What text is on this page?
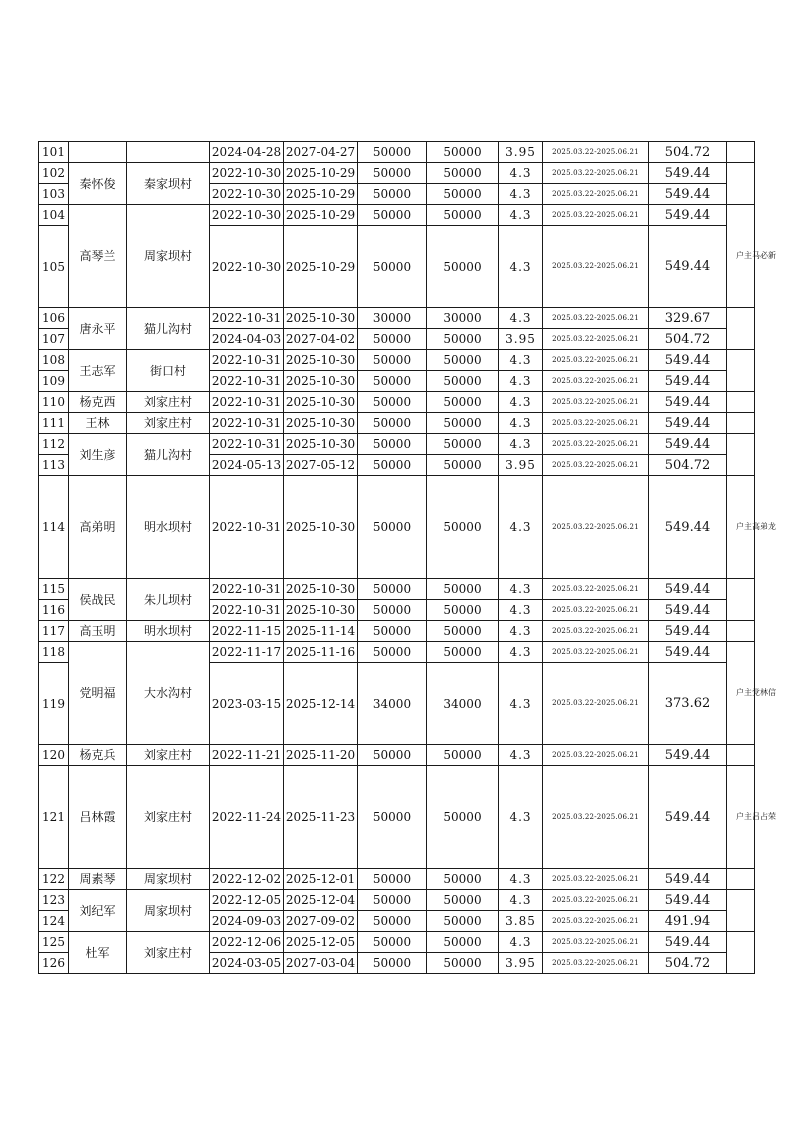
101			2024-04-28	2027-04-27	50000	50000	3.95	2025.03.22-2025.06.21	504.72	
102	秦怀俊	秦家坝村	2022-10-30	2025-10-29	50000	50000	4.3	2025.03.22-2025.06.21	549.44	
103			2022-10-30	2025-10-29	50000	50000	4.3	2025.03.22-2025.06.21	549.44	
104	高琴兰	周家坝村	2022-10-30	2025-10-29	50000	50000	4.3	2025.03.22-2025.06.21	549.44	户主马必新
105			2022-10-30	2025-10-29	50000	50000	4.3	2025.03.22-2025.06.21	549.44	
106	唐永平	猫儿沟村	2022-10-31	2025-10-30	30000	30000	4.3	2025.03.22-2025.06.21	329.67	
107			2024-04-03	2027-04-02	50000	50000	3.95	2025.03.22-2025.06.21	504.72	
108	王志军	街口村	2022-10-31	2025-10-30	50000	50000	4.3	2025.03.22-2025.06.21	549.44	
109			2022-10-31	2025-10-30	50000	50000	4.3	2025.03.22-2025.06.21	549.44	
110	杨克西	刘家庄村	2022-10-31	2025-10-30	50000	50000	4.3	2025.03.22-2025.06.21	549.44	
111	王林	刘家庄村	2022-10-31	2025-10-30	50000	50000	4.3	2025.03.22-2025.06.21	549.44	
112	刘生彦	猫儿沟村	2022-10-31	2025-10-30	50000	50000	4.3	2025.03.22-2025.06.21	549.44	
113			2024-05-13	2027-05-12	50000	50000	3.95	2025.03.22-2025.06.21	504.72	
114	高弟明	明水坝村	2022-10-31	2025-10-30	50000	50000	4.3	2025.03.22-2025.06.21	549.44	户主高弟龙
115	侯战民	朱儿坝村	2022-10-31	2025-10-30	50000	50000	4.3	2025.03.22-2025.06.21	549.44	
116			2022-10-31	2025-10-30	50000	50000	4.3	2025.03.22-2025.06.21	549.44	
117	高玉明	明水坝村	2022-11-15	2025-11-14	50000	50000	4.3	2025.03.22-2025.06.21	549.44	
118	党明福	大水沟村	2022-11-17	2025-11-16	50000	50000	4.3	2025.03.22-2025.06.21	549.44	户主党林信
119			2023-03-15	2025-12-14	34000	34000	4.3	2025.03.22-2025.06.21	373.62	
120	杨克兵	刘家庄村	2022-11-21	2025-11-20	50000	50000	4.3	2025.03.22-2025.06.21	549.44	
121	吕林霞	刘家庄村	2022-11-24	2025-11-23	50000	50000	4.3	2025.03.22-2025.06.21	549.44	户主吕占荣
122	周素琴	周家坝村	2022-12-02	2025-12-01	50000	50000	4.3	2025.03.22-2025.06.21	549.44	
123	刘纪军	周家坝村	2022-12-05	2025-12-04	50000	50000	4.3	2025.03.22-2025.06.21	549.44	
124			2024-09-03	2027-09-02	50000	50000	3.85	2025.03.22-2025.06.21	491.94	
125	杜军	刘家庄村	2022-12-06	2025-12-05	50000	50000	4.3	2025.03.22-2025.06.21	549.44	
126			2024-03-05	2027-03-04	50000	50000	3.95	2025.03.22-2025.06.21	504.72	
